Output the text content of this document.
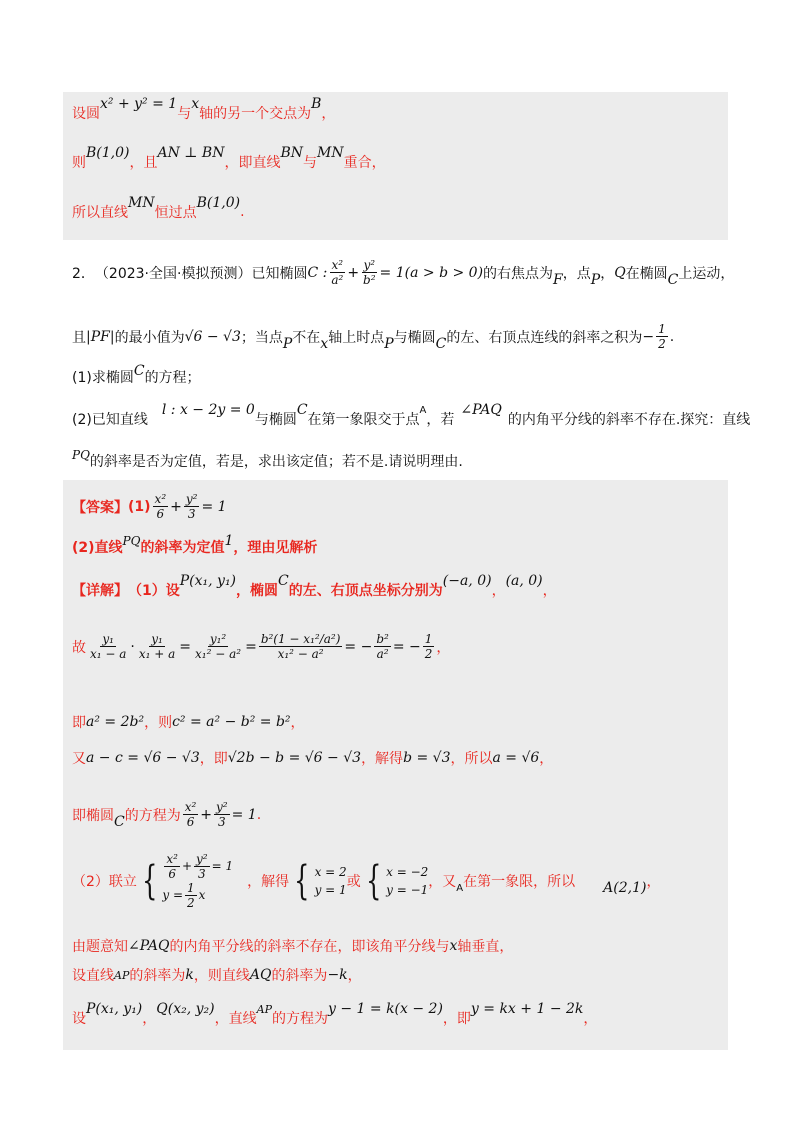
设圆
x² + y² = 1
与
x
轴的另一个交点为
B
，
则
B(1,0)
，且
AN ⊥ BN
，即直线
BN
与
MN
重合，
所以直线
MN
恒过点
B(1,0)
.
2． （2023·全国·模拟预测） 已知椭圆 C : $\frac{\text{x²}}{\text{a²}} + \frac{\text{y²}}{\text{b²}} = 1(a > b > 0)$ 的右焦点为 F ，点 P ， Q 在椭圆 C 上运动，
且 |PF| 的最小值为 √6 − √3 ；当点 P 不在 x 轴上时点 P 与椭圆 C 的左、右顶点连线的斜率之积为 − $\frac{1}{2}$ .
(1)求椭圆 C 的方程；
(2)已知直线
l : x − 2y = 0
与椭圆
C
在第一象限交于点
A
，若
∠PAQ
的内角平分线的斜率不存在.探究：直线
PQ 的斜率是否为定值，若是，求出该定值；若不是.请说明理由.
【答案】 $(1) \frac{\text{x²}}{6} + \frac{\text{y²}}{3} = 1$
(2)直线 PQ 的斜率为定值 1 ，理由见解析
【详解】 （1）设
P(x₁, y₁)
，椭圆
C
的左、右顶点坐标分别为
(−a, 0)
，
(a, 0)
，
故 $\frac{\text{y₁}}{\text{x₁ − a}} \cdot \frac{\text{y₁}}{\text{x₁ + a}} = \frac{\text{y₁²}}{\text{x₁² − a²}} = \frac{\text{b²(1 − x₁²/a²)}}{\text{x₁² − a²}}$ = − $\frac{\text{b²}}{\text{a²}}$ = − $\frac{1}{2}$ ，
即 a² = 2b² ，则 c² = a² − b² = b² ，
又 a − c = √6 − √3 ，即 √2b − b = √6 − √3 ，解得 b = √3 ，所以 a = √6 ，
即椭圆 C 的方程为 $\frac{\text{x²}}{6} + \frac{\text{y²}}{3} = 1$ .
（2）联立 { $\frac{\text{x²}}{6} + \frac{\text{y²}}{3} = 1$
$y = \frac{1}{2}$ x
，解得 { x = 2
y = 1 或 { x = −2
y = −1 ，又 A 在第一象限，所以 A(2,1) ，
由题意知 ∠PAQ 的内角平分线的斜率不存在，即该角平分线与 x 轴垂直，
设直线 AP 的斜率为 k ，则直线 AQ 的斜率为 −k ，
设
P(x₁, y₁)
，
Q(x₂, y₂)
，直线
AP
的方程为
y − 1 = k(x − 2)
，即
y = kx + 1 − 2k
，
